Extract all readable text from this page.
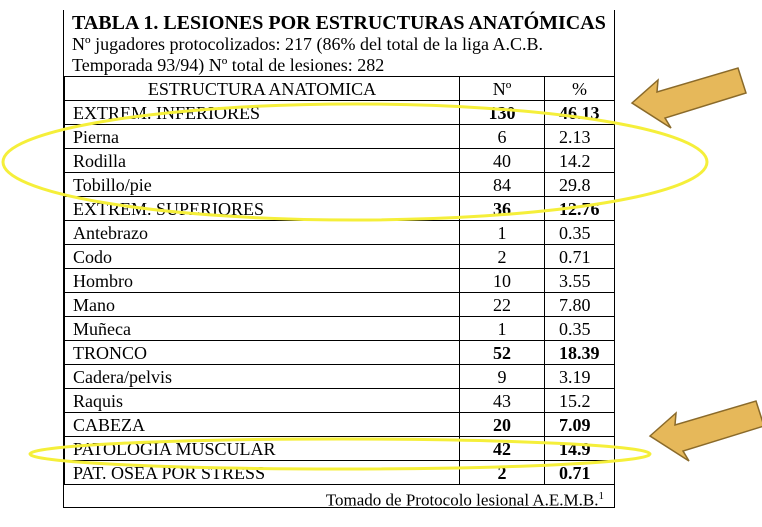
TABLA 1. LESIONES POR ESTRUCTURAS ANATÓMICAS
Nº jugadores protocolizados: 217 (86% del total de la liga A.C.B.
Temporada 93/94) Nº total de lesiones: 282
ESTRUCTURA ANATOMICA	Nº	%
EXTREM. INFERIORES	130	46.13
Pierna	6	2.13
Rodilla	40	14.2
Tobillo/pie	84	29.8
EXTREM. SUPERIORES	36	12.76
Antebrazo	1	0.35
Codo	2	0.71
Hombro	10	3.55
Mano	22	7.80
Muñeca	1	0.35
TRONCO	52	18.39
Cadera/pelvis	9	3.19
Raquis	43	15.2
CABEZA	20	7.09
PATOLOGIA MUSCULAR	42	14.9
PAT. OSEA POR STRESS	2	0.71
Tomado de Protocolo lesional A.E.M.B.$^1$
